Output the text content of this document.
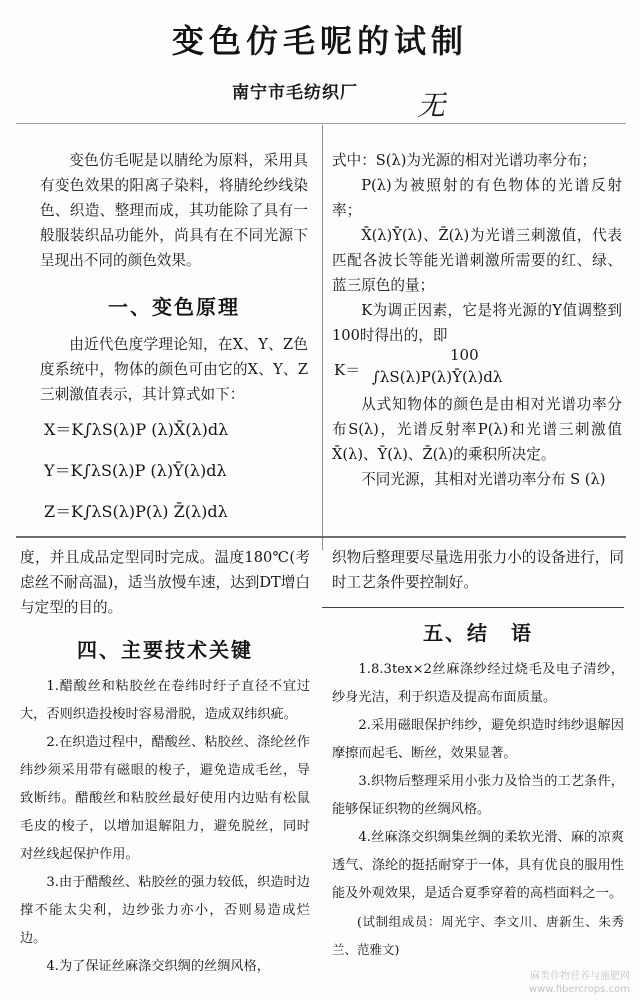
变色仿毛呢的试制
南宁市毛纺织厂 无

变色仿毛呢是以腈纶为原料，采用具有变色效果的阳离子染料，将腈纶纱线染色、织造、整理而成，其功能除了具有一般服装织品功能外，尚具有在不同光源下呈现出不同的颜色效果。

一、变色原理

由近代色度学理论知，在X、Y、Z色度系统中，物体的颜色可由它的X、Y、Z三刺激值表示，其计算式如下：

X＝K∫λS(λ)P (λ)X̄(λ)dλ
Y＝K∫λS(λ)P (λ)Ȳ(λ)dλ
Z＝K∫λS(λ)P(λ) Z̄(λ)dλ

式中：S(λ)为光源的相对光谱功率分布；

P(λ)为被照射的有色物体的光谱反射率；

X̄(λ)Ȳ(λ)、Z̄(λ)为光谱三刺激值，代表匹配各波长等能光谱刺激所需要的红、绿、蓝三原色的量；

K为调正因素，它是将光源的Y值调整到100时得出的，即

K＝
100
∫λS(λ)P(λ)Ȳ(λ)dλ

从式知物体的颜色是由相对光谱功率分布S(λ)，光谱反射率P(λ)和光谱三刺激值X̄(λ)、Ȳ(λ)、Z̄(λ)的乘积所决定。

不同光源，其相对光谱功率分布 S (λ)

度，并且成品定型同时完成。温度180℃(考虑丝不耐高温)，适当放慢车速，达到DT增白与定型的目的。

四、主要技术关键

1.醋酸丝和粘胶丝在卷纬时纡子直径不宜过大，否则织造投梭时容易滑脱，造成双纬织疵。

2.在织造过程中，醋酸丝、粘胶丝、涤纶丝作纬纱须采用带有磁眼的梭子，避免造成毛丝，导致断纬。醋酸丝和粘胶丝最好使用内边贴有松鼠毛皮的梭子，以增加退解阻力，避免脱丝，同时对丝线起保护作用。

3.由于醋酸丝、粘胶丝的强力较低，织造时边撑不能太尖利，边纱张力亦小，否则易造成烂边。

4.为了保证丝麻涤交织绸的丝绸风格，

织物后整理要尽量选用张力小的设备进行，同时工艺条件要控制好。

五、结　语

1.8.3tex×2丝麻涤纱经过烧毛及电子清纱，纱身光洁，利于织造及提高布面质量。

2.采用磁眼保护纬纱，避免织造时纬纱退解因摩擦而起毛、断丝，效果显著。

3.织物后整理采用小张力及恰当的工艺条件，能够保证织物的丝绸风格。

4.丝麻涤交织绸集丝绸的柔软光滑、麻的凉爽透气、涤纶的挺括耐穿于一体，具有优良的服用性能及外观效果，是适合夏季穿着的高档面料之一。

(试制组成员：周光宇、李文川、唐新生、朱秀兰、范雅文)

麻类作物营养与施肥网
www.fibercrops.com
